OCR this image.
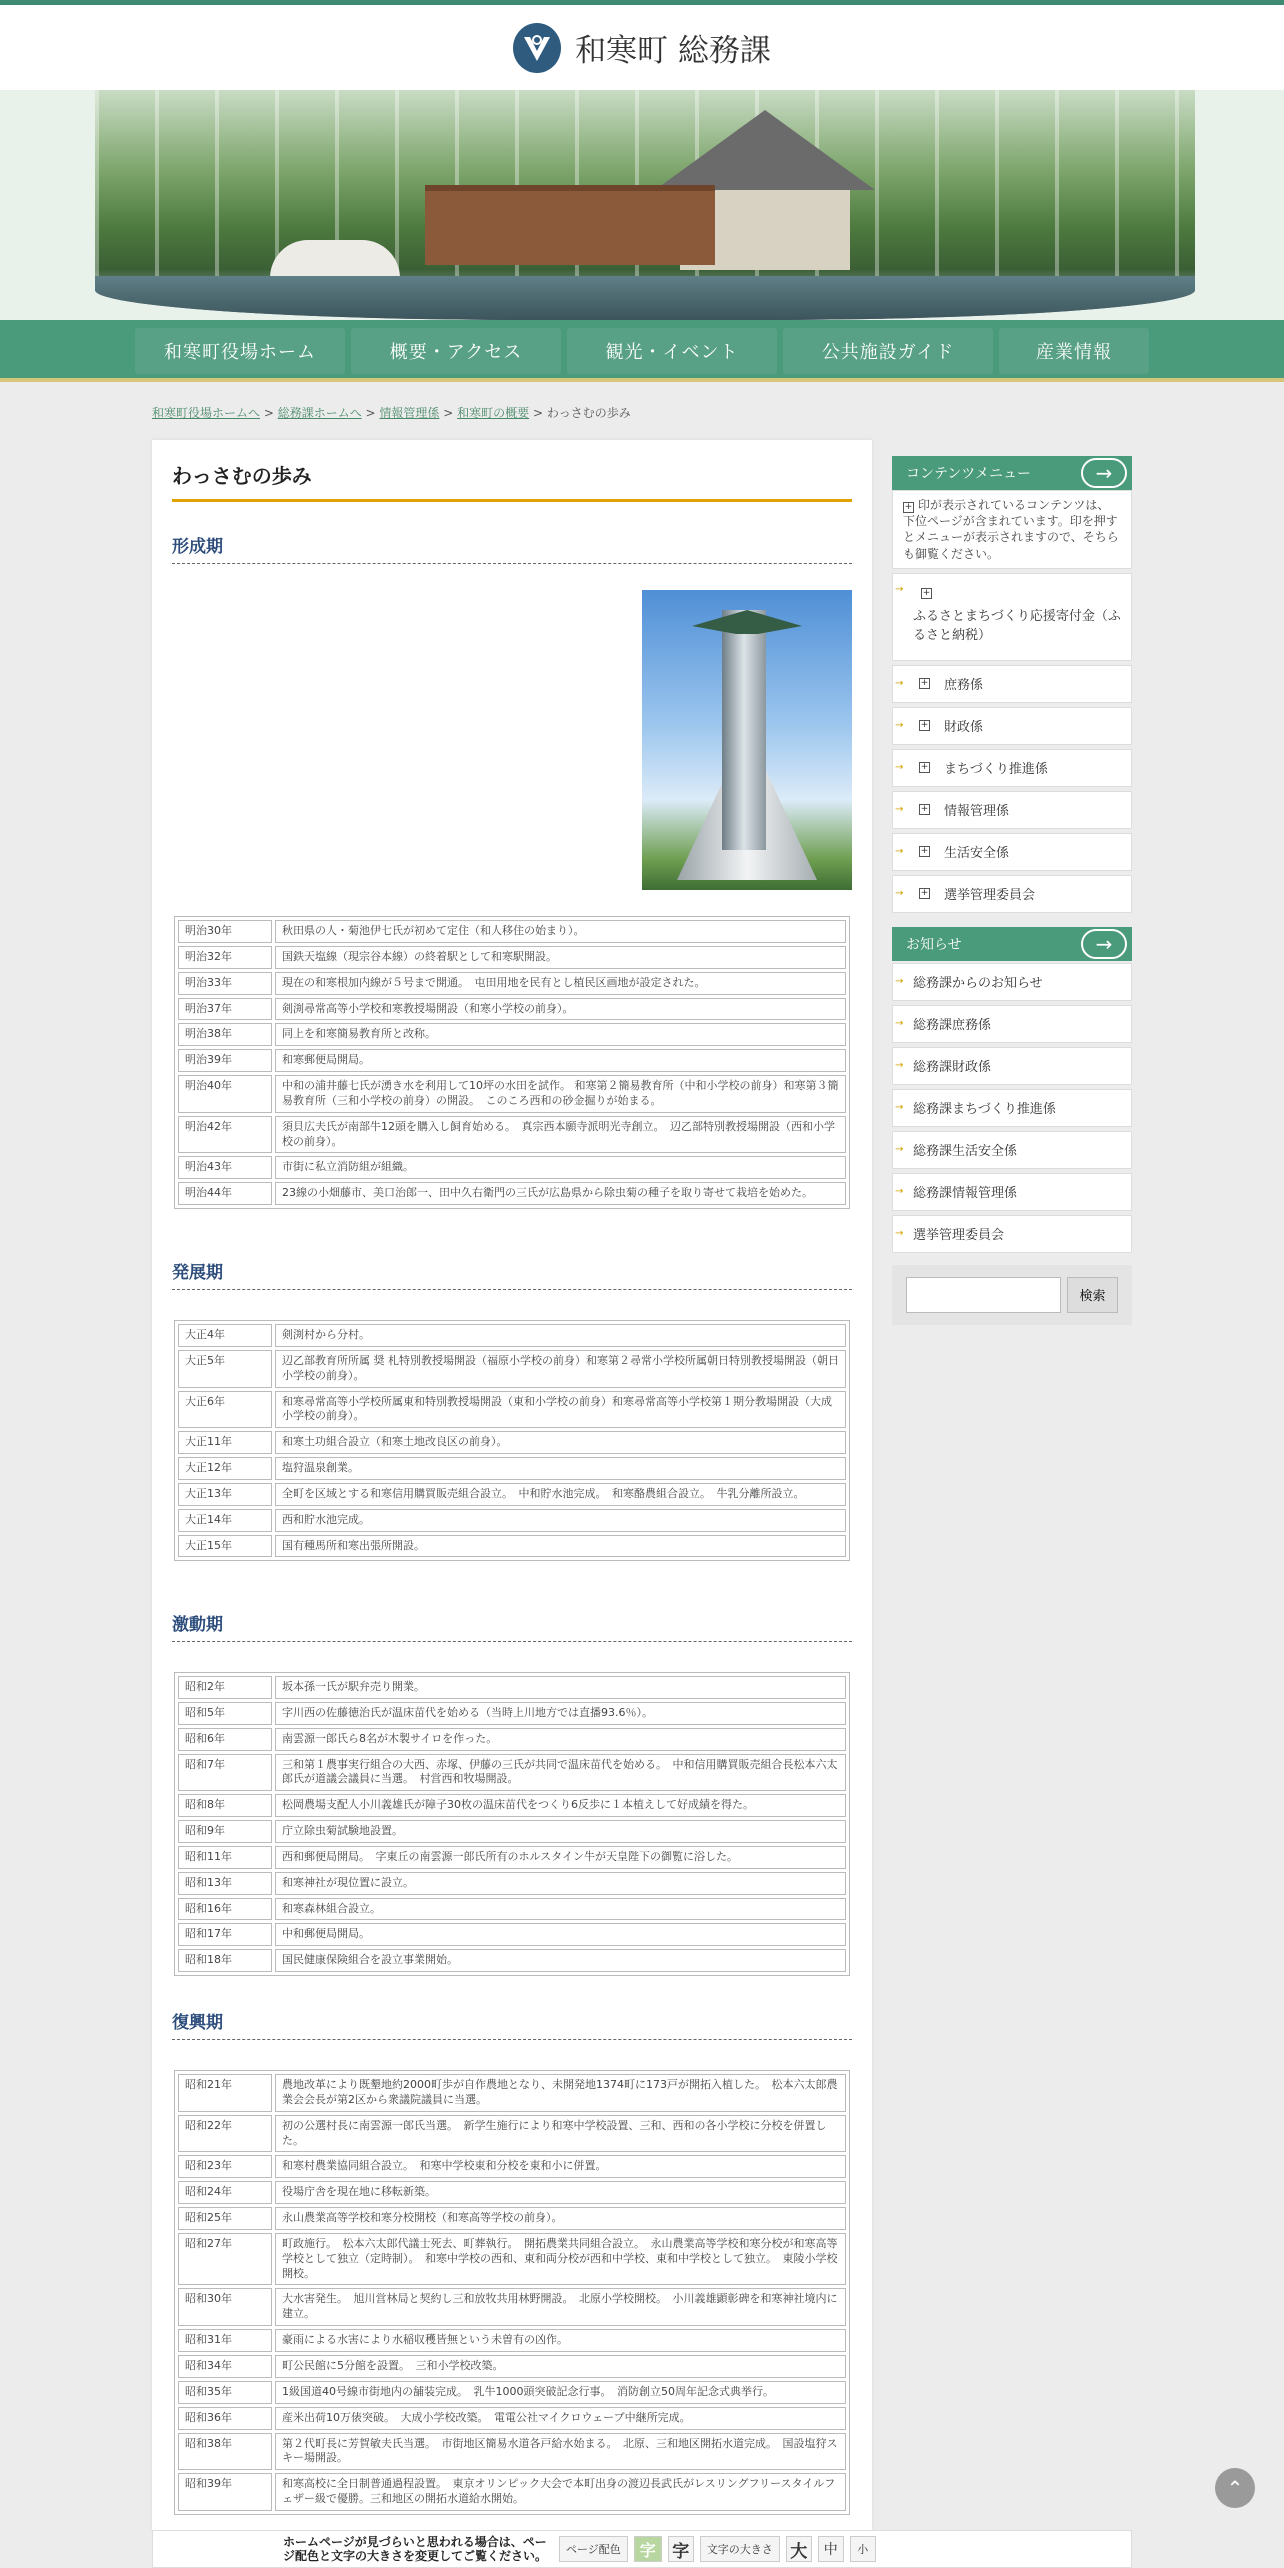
和寒町 総務課
和寒町役場ホーム	概要・アクセス	観光・イベント	公共施設ガイド	産業情報
和寒町役場ホームへ > 総務課ホームへ > 情報管理係 > 和寒町の概要 > わっさむの歩み
わっさむの歩み
形成期
明治30年	秋田県の人・菊池伊七氏が初めて定住（和人移住の始まり）。
明治32年	国鉄天塩線（現宗谷本線）の終着駅として和寒駅開設。
明治33年	現在の和寒根加内線が５号まで開通。　屯田用地を民有とし植民区画地が設定された。
明治37年	剣渕尋常高等小学校和寒教授場開設（和寒小学校の前身）。
明治38年	同上を和寒簡易教育所と改称。
明治39年	和寒郵便局開局。
明治40年	中和の浦井藤七氏が湧き水を利用して10坪の水田を試作。 和寒第２簡易教育所（中和小学校の前身）和寒第３簡易教育所（三和小学校の前身）の開設。　このころ西和の砂金掘りが始まる。
明治42年	須貝広夫氏が南部牛12頭を購入し飼育始める。　真宗西本願寺派明光寺創立。　辺乙部特別教授場開設（西和小学校の前身）。
明治43年	市街に私立消防組が組織。
明治44年	23線の小畑藤市、美口治郎一、田中久右衛門の三氏が広島県から除虫菊の種子を取り寄せて栽培を始めた。
発展期
大正4年	剣渕村から分村。
大正5年	辺乙部教育所所属 奨 札特別教授場開設（福原小学校の前身）和寒第２尋常小学校所属朝日特別教授場開設（朝日小学校の前身）。
大正6年	和寒尋常高等小学校所属東和特別教授場開設（東和小学校の前身）和寒尋常高等小学校第１期分教場開設（大成小学校の前身）。
大正11年	和寒土功組合設立（和寒土地改良区の前身）。
大正12年	塩狩温泉創業。
大正13年	全町を区域とする和寒信用購買販売組合設立。　中和貯水池完成。　和寒酪農組合設立。　牛乳分離所設立。
大正14年	西和貯水池完成。
大正15年	国有種馬所和寒出張所開設。
激動期
昭和2年	坂本孫一氏が駅弁売り開業。
昭和5年	字川西の佐藤徳治氏が温床苗代を始める（当時上川地方では直播93.6％）。
昭和6年	南雲源一郎氏ら8名が木製サイロを作った。
昭和7年	三和第１農事実行組合の大西、赤塚、伊藤の三氏が共同で温床苗代を始める。　中和信用購買販売組合長松本六太郎氏が道議会議員に当選。　村営西和牧場開設。
昭和8年	松岡農場支配人小川義雄氏が障子30枚の温床苗代をつくり6反歩に１本植えして好成績を得た。
昭和9年	庁立除虫菊試験地設置。
昭和11年	西和郵便局開局。　字東丘の南雲源一郎氏所有のホルスタイン牛が天皇陛下の御覧に浴した。
昭和13年	和寒神社が現位置に設立。
昭和16年	和寒森林組合設立。
昭和17年	中和郵便局開局。
昭和18年	国民健康保険組合を設立事業開始。
復興期
昭和21年	農地改革により既墾地約2000町歩が自作農地となり、未開発地1374町に173戸が開拓入植した。　松本六太郎農業会会長が第2区から衆議院議員に当選。
昭和22年	初の公選村長に南雲源一郎氏当選。　新学生施行により和寒中学校設置、三和、西和の各小学校に分校を併置した。
昭和23年	和寒村農業協同組合設立。　和寒中学校東和分校を東和小に併置。
昭和24年	役場庁舎を現在地に移転新築。
昭和25年	永山農業高等学校和寒分校開校（和寒高等学校の前身）。
昭和27年	町政施行。　松本六太郎代議士死去、町葬執行。　開拓農業共同組合設立。　永山農業高等学校和寒分校が和寒高等学校として独立（定時制）。　和寒中学校の西和、東和両分校が西和中学校、東和中学校として独立。　東陵小学校開校。
昭和30年	大水害発生。　旭川営林局と契約し三和放牧共用林野開設。　北原小学校開校。　小川義雄顕彰碑を和寒神社境内に建立。
昭和31年	豪雨による水害により水稲収穫皆無という未曽有の凶作。
昭和34年	町公民館に5分館を設置。　三和小学校改築。
昭和35年	1級国道40号線市街地内の舗装完成。　乳牛1000頭突破記念行事。　消防創立50周年記念式典挙行。
昭和36年	産米出荷10万俵突破。　大成小学校改築。　電電公社マイクロウェーブ中継所完成。
昭和38年	第２代町長に芳賀敏夫氏当選。　市街地区簡易水道各戸給水始まる。　北原、三和地区開拓水道完成。　国設塩狩スキー場開設。
昭和39年	和寒高校に全日制普通過程設置。　東京オリンピック大会で本町出身の渡辺長武氏がレスリングフリースタイルフェザー級で優勝。三和地区の開拓水道給水開始。
コンテンツメニュー	→
+ 印が表示されているコンテンツは、下位ページが含まれています。印を押すとメニューが表示されますので、そちらも御覧ください。
→ +
ふるさとまちづくり応援寄付金（ふるさと納税）
→ + 庶務係
→ + 財政係
→ + まちづくり推進係
→ + 情報管理係
→ + 生活安全係
→ + 選挙管理委員会
お知らせ	→
→ 総務課からのお知らせ
→ 総務課庶務係
→ 総務課財政係
→ 総務課まちづくり推進係
→ 総務課生活安全係
→ 総務課情報管理係
→ 選挙管理委員会
検索
⌃
ホームページが見づらいと思われる場合は、ページ配色と文字の大きさを変更してご覧ください。	ページ配色	字 字	文字の大きさ	大	中	小
